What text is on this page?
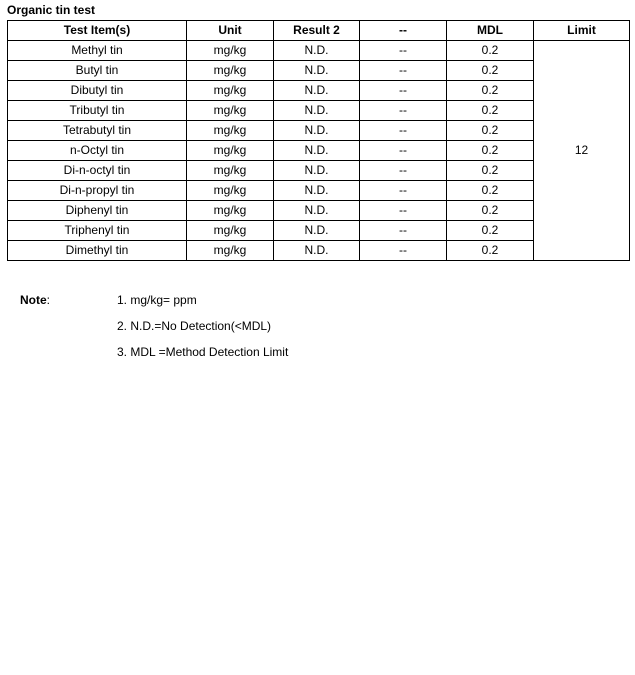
Organic tin test
Test Item(s)	Unit	Result 2	--	MDL	Limit
Methyl tin	mg/kg	N.D.	--	0.2	12
Butyl tin	mg/kg	N.D.	--	0.2	
Dibutyl tin	mg/kg	N.D.	--	0.2	
Tributyl tin	mg/kg	N.D.	--	0.2	
Tetrabutyl tin	mg/kg	N.D.	--	0.2	
n-Octyl tin	mg/kg	N.D.	--	0.2	
Di-n-octyl tin	mg/kg	N.D.	--	0.2	
Di-n-propyl tin	mg/kg	N.D.	--	0.2	
Diphenyl tin	mg/kg	N.D.	--	0.2	
Triphenyl tin	mg/kg	N.D.	--	0.2	
Dimethyl tin	mg/kg	N.D.	--	0.2	
Note:	1. mg/kg= ppm
2. N.D.=No Detection(<MDL)
3. MDL =Method Detection Limit
